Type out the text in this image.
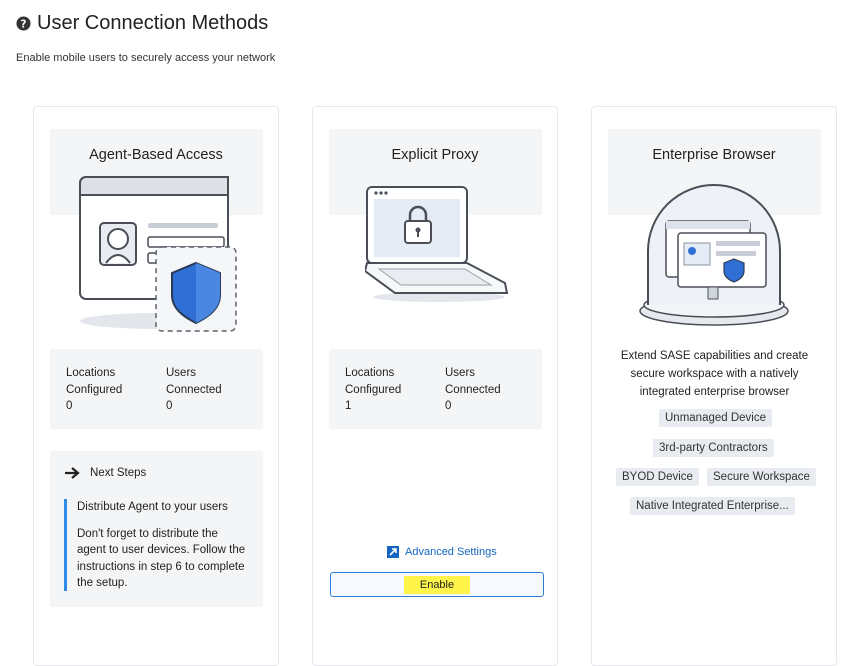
? User Connection Methods
Enable mobile users to securely access your network
Agent-Based Access
Locations
Configured
0
Users
Connected
0
Next Steps
Distribute Agent to your users
Don't forget to distribute the agent to user devices. Follow the instructions in step 6 to complete the setup.
Explicit Proxy
Locations
Configured
1
Users
Connected
0
Advanced Settings
Enable
Enterprise Browser
Extend SASE capabilities and create secure workspace with a natively integrated enterprise browser
Unmanaged Device
3rd-party Contractors
BYOD Device	Secure Workspace
Native Integrated Enterprise...
